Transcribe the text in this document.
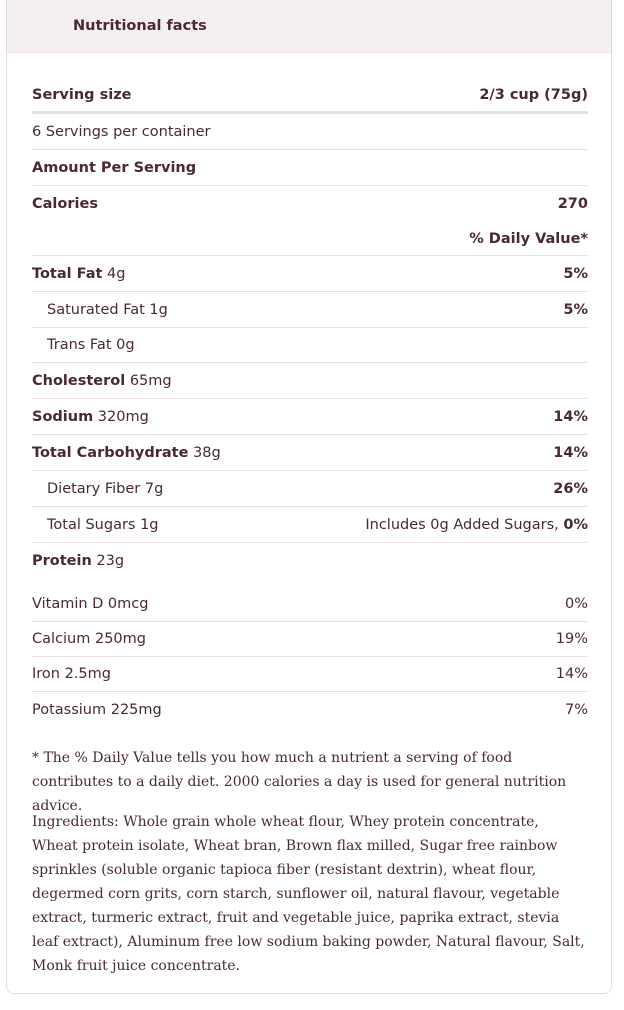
Nutritional facts
Serving size	2/3 cup (75g)
6 Servings per container
Amount Per Serving
Calories	270
% Daily Value*
Total Fat 4g	5%
Saturated Fat 1g	5%
Trans Fat 0g
Cholesterol 65mg
Sodium 320mg	14%
Total Carbohydrate 38g	14%
Dietary Fiber 7g	26%
Total Sugars 1g	Includes 0g Added Sugars, 0%
Protein 23g
Vitamin D 0mcg	0%
Calcium 250mg	19%
Iron 2.5mg	14%
Potassium 225mg	7%
* The % Daily Value tells you how much a nutrient a serving of food contributes to a daily diet. 2000 calories a day is used for general nutrition advice.
Ingredients: Whole grain whole wheat flour, Whey protein concentrate, Wheat protein isolate, Wheat bran, Brown flax milled, Sugar free rainbow sprinkles (soluble organic tapioca fiber (resistant dextrin), wheat flour, degermed corn grits, corn starch, sunflower oil, natural flavour, vegetable extract, turmeric extract, fruit and vegetable juice, paprika extract, stevia leaf extract), Aluminum free low sodium baking powder, Natural flavour, Salt, Monk fruit juice concentrate.
